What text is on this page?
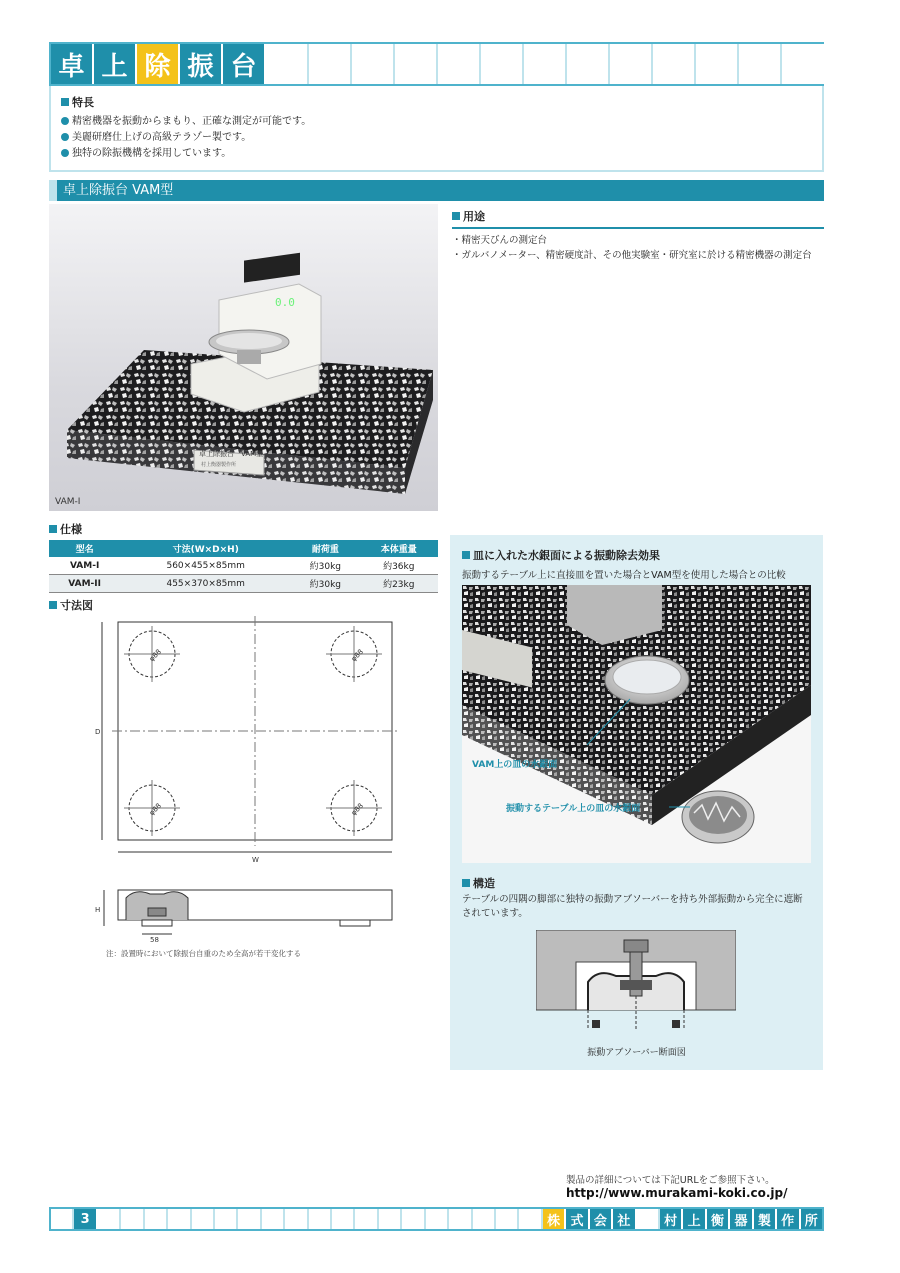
卓 上 除 振 台
特長
精密機器を振動からまもり、正確な測定が可能です。
美麗研磨仕上げの高級テラゾー製です。
独特の除振機構を採用しています。
卓上除振台 VAM型
卓上除振台　VAM型
村上衡器製作所
0.0
VAM-I
用途

・精密天びんの測定台

・ガルバノメーター、精密硬度計、その他実験室・研究室に於ける精密機器の測定台

仕様
型名	寸法(W×D×H)	耐荷重	本体重量
VAM-I	560×455×85mm	約30kg	約36kg
VAM-II	455×370×85mm	約30kg	約23kg
寸法図
φ88	φ88
φ88	φ88
D
W
H
58
注：設置時において除振台自重のため全高が若干変化する
皿に入れた水銀面による振動除去効果
振動するテーブル上に直接皿を置いた場合とVAM型を使用した場合との比較
VAM上の皿の水銀面
振動するテーブル上の皿の水銀面
構造
テーブルの四隅の脚部に独特の振動アブソーバーを持ち外部振動から完全に遮断されています。
振動アブソーバー断面図
製品の詳細については下記URLをご参照下さい。
http://www.murakami-koki.co.jp/
3	株 式 会 社	村 上 衡 器 製 作 所
